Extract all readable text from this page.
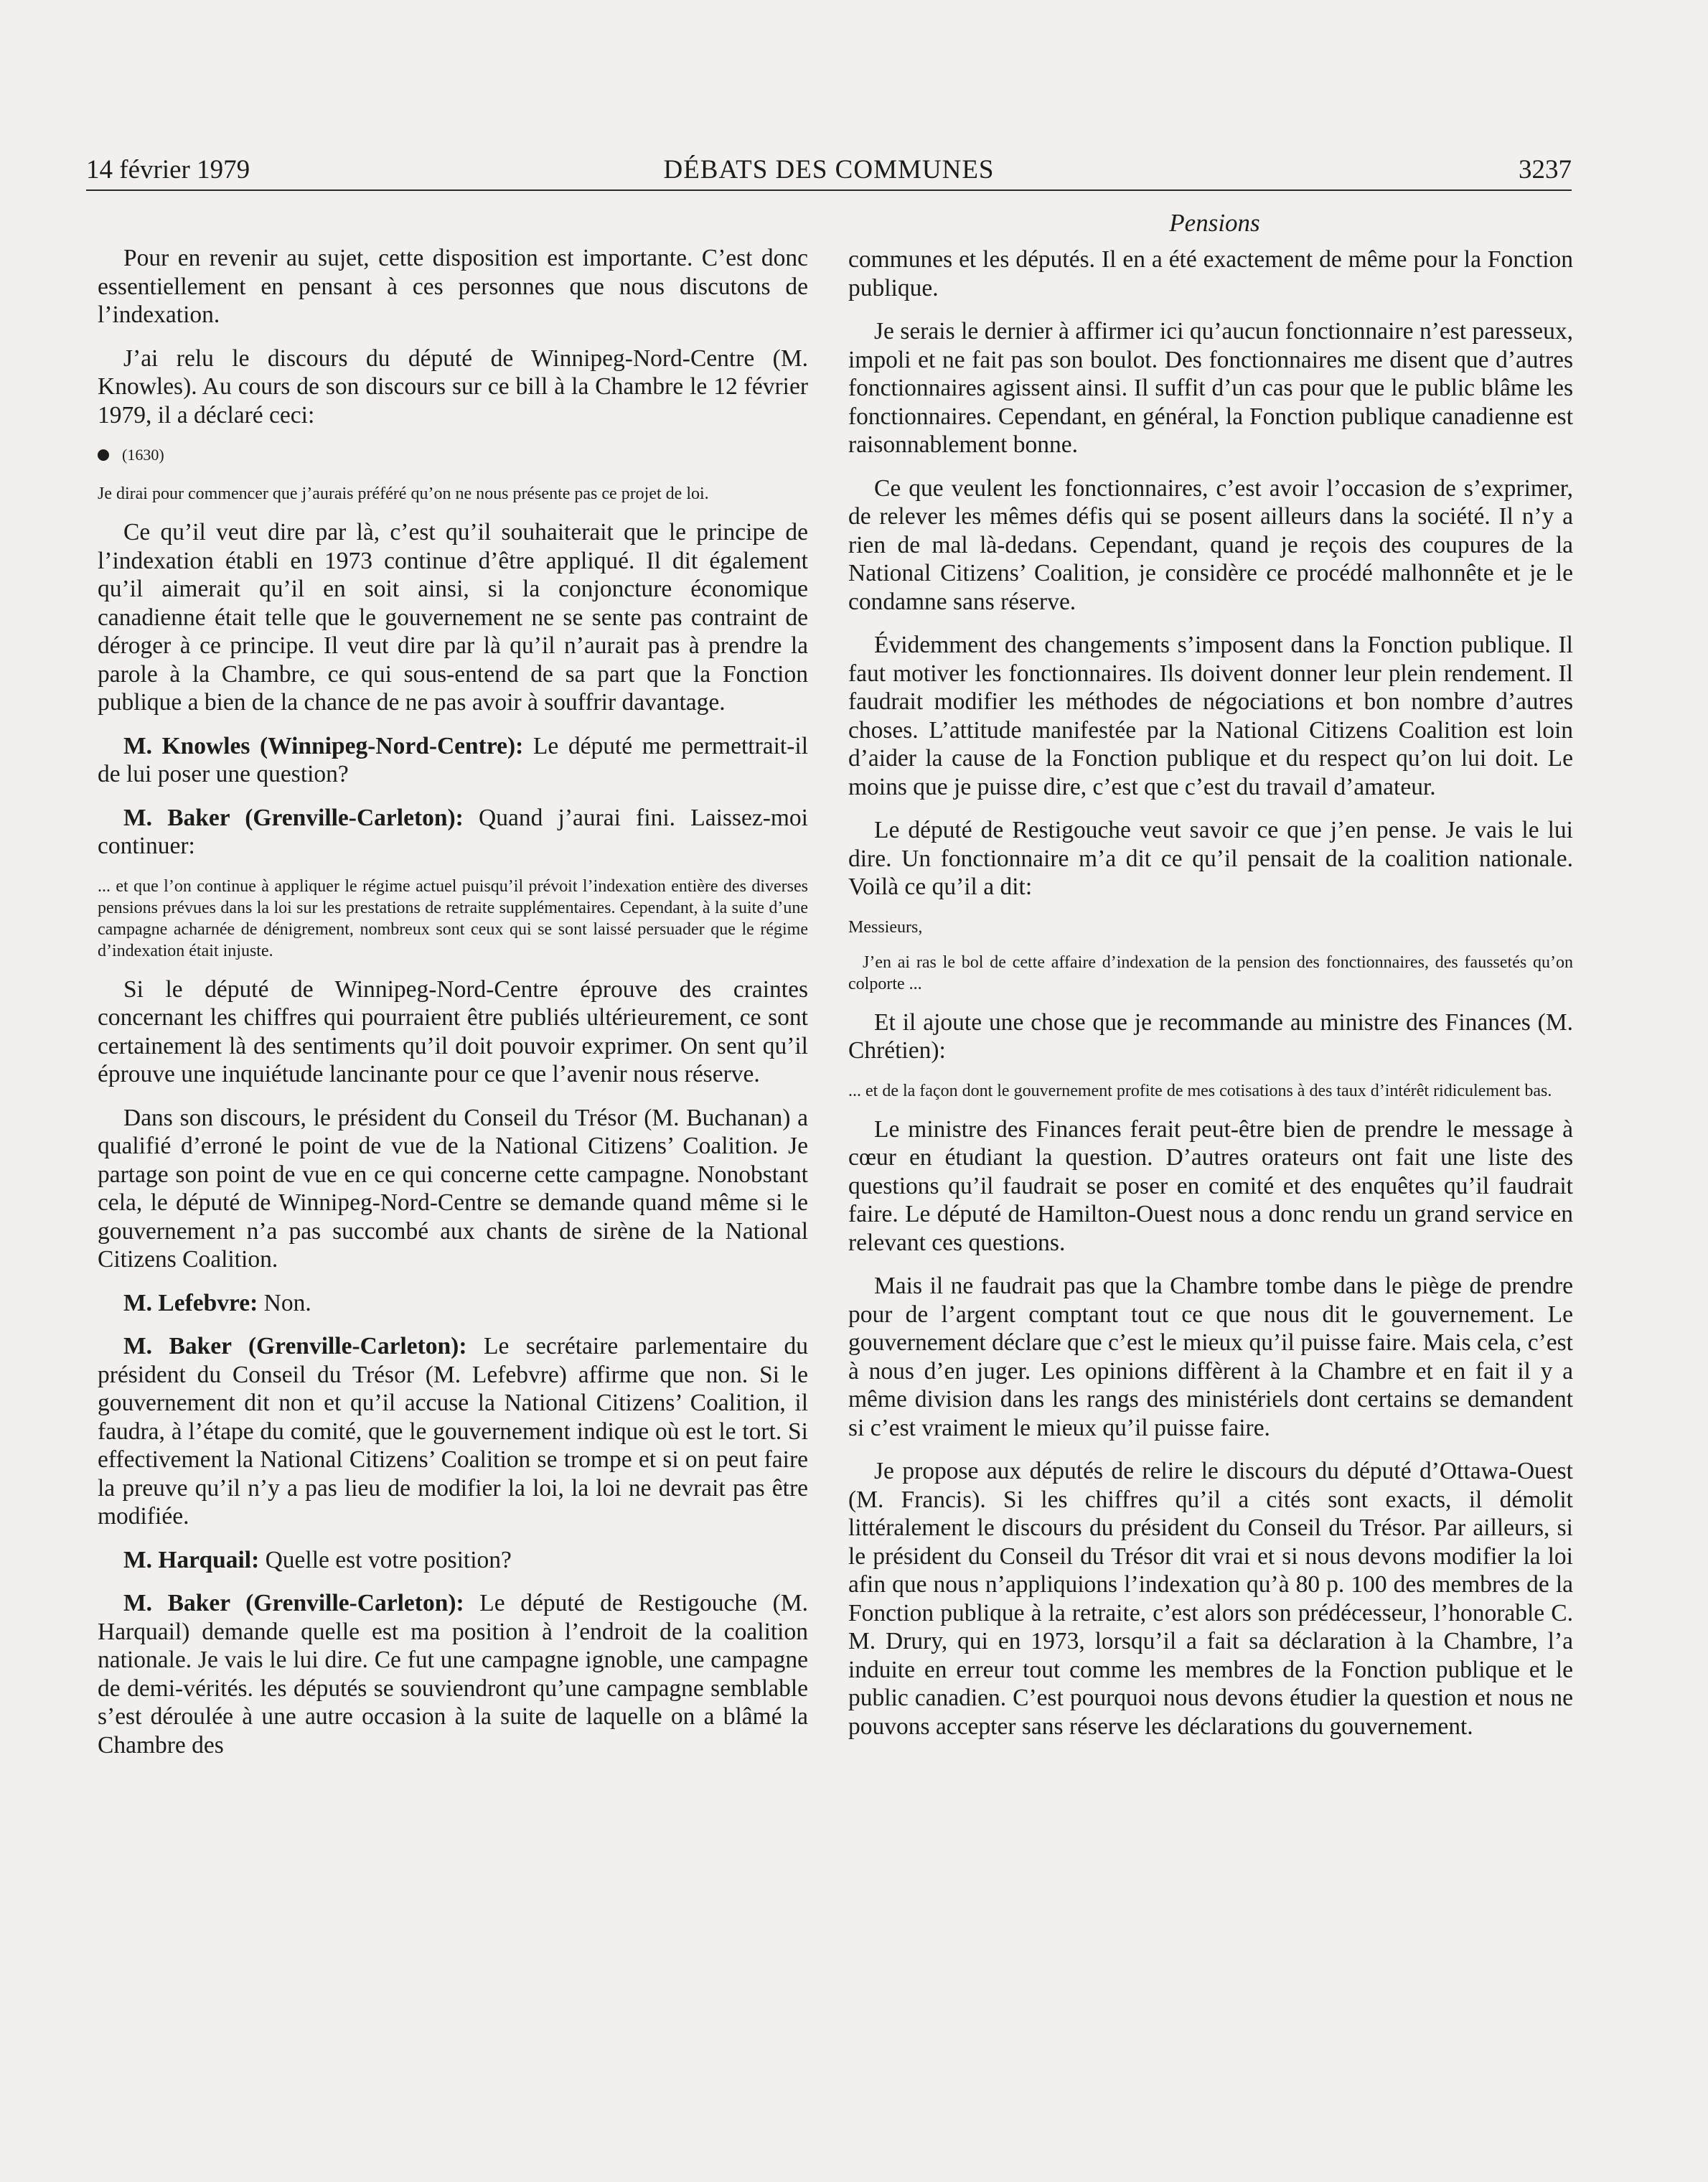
14 février 1979	DÉBATS DES COMMUNES	3237
Pensions

Pour en revenir au sujet, cette disposition est importante. C’est donc essentiellement en pensant à ces personnes que nous discutons de l’indexation.

J’ai relu le discours du député de Winnipeg-Nord-Centre (M. Knowles). Au cours de son discours sur ce bill à la Chambre le 12 février 1979, il a déclaré ceci:

(1630)

Je dirai pour commencer que j’aurais préféré qu’on ne nous présente pas ce projet de loi.

Ce qu’il veut dire par là, c’est qu’il souhaiterait que le principe de l’indexation établi en 1973 continue d’être appliqué. Il dit également qu’il aimerait qu’il en soit ainsi, si la conjoncture économique canadienne était telle que le gouvernement ne se sente pas contraint de déroger à ce principe. Il veut dire par là qu’il n’aurait pas à prendre la parole à la Chambre, ce qui sous-entend de sa part que la Fonction publique a bien de la chance de ne pas avoir à souffrir davantage.

M. Knowles (Winnipeg-Nord-Centre): Le député me permettrait-il de lui poser une question?

M. Baker (Grenville-Carleton): Quand j’aurai fini. Laissez-moi continuer:

... et que l’on continue à appliquer le régime actuel puisqu’il prévoit l’indexation entière des diverses pensions prévues dans la loi sur les prestations de retraite supplémentaires. Cependant, à la suite d’une campagne acharnée de dénigrement, nombreux sont ceux qui se sont laissé persuader que le régime d’indexation était injuste.

Si le député de Winnipeg-Nord-Centre éprouve des craintes concernant les chiffres qui pourraient être publiés ultérieurement, ce sont certainement là des sentiments qu’il doit pouvoir exprimer. On sent qu’il éprouve une inquiétude lancinante pour ce que l’avenir nous réserve.

Dans son discours, le président du Conseil du Trésor (M. Buchanan) a qualifié d’erroné le point de vue de la National Citizens’ Coalition. Je partage son point de vue en ce qui concerne cette campagne. Nonobstant cela, le député de Winnipeg-Nord-Centre se demande quand même si le gouvernement n’a pas succombé aux chants de sirène de la National Citizens Coalition.

M. Lefebvre: Non.

M. Baker (Grenville-Carleton): Le secrétaire parlementaire du président du Conseil du Trésor (M. Lefebvre) affirme que non. Si le gouvernement dit non et qu’il accuse la National Citizens’ Coalition, il faudra, à l’étape du comité, que le gouvernement indique où est le tort. Si effectivement la National Citizens’ Coalition se trompe et si on peut faire la preuve qu’il n’y a pas lieu de modifier la loi, la loi ne devrait pas être modifiée.

M. Harquail: Quelle est votre position?

M. Baker (Grenville-Carleton): Le député de Restigouche (M. Harquail) demande quelle est ma position à l’endroit de la coalition nationale. Je vais le lui dire. Ce fut une campagne ignoble, une campagne de demi-vérités. les députés se souviendront qu’une campagne semblable s’est déroulée à une autre occasion à la suite de laquelle on a blâmé la Chambre des

communes et les députés. Il en a été exactement de même pour la Fonction publique.

Je serais le dernier à affirmer ici qu’aucun fonctionnaire n’est paresseux, impoli et ne fait pas son boulot. Des fonctionnaires me disent que d’autres fonctionnaires agissent ainsi. Il suffit d’un cas pour que le public blâme les fonctionnaires. Cependant, en général, la Fonction publique canadienne est raisonnablement bonne.

Ce que veulent les fonctionnaires, c’est avoir l’occasion de s’exprimer, de relever les mêmes défis qui se posent ailleurs dans la société. Il n’y a rien de mal là-dedans. Cependant, quand je reçois des coupures de la National Citizens’ Coalition, je considère ce procédé malhonnête et je le condamne sans réserve.

Évidemment des changements s’imposent dans la Fonction publique. Il faut motiver les fonctionnaires. Ils doivent donner leur plein rendement. Il faudrait modifier les méthodes de négociations et bon nombre d’autres choses. L’attitude manifestée par la National Citizens Coalition est loin d’aider la cause de la Fonction publique et du respect qu’on lui doit. Le moins que je puisse dire, c’est que c’est du travail d’amateur.

Le député de Restigouche veut savoir ce que j’en pense. Je vais le lui dire. Un fonctionnaire m’a dit ce qu’il pensait de la coalition nationale. Voilà ce qu’il a dit:

Messieurs,

J’en ai ras le bol de cette affaire d’indexation de la pension des fonctionnaires, des faussetés qu’on colporte ...

Et il ajoute une chose que je recommande au ministre des Finances (M. Chrétien):

... et de la façon dont le gouvernement profite de mes cotisations à des taux d’intérêt ridiculement bas.

Le ministre des Finances ferait peut-être bien de prendre le message à cœur en étudiant la question. D’autres orateurs ont fait une liste des questions qu’il faudrait se poser en comité et des enquêtes qu’il faudrait faire. Le député de Hamilton-Ouest nous a donc rendu un grand service en relevant ces questions.

Mais il ne faudrait pas que la Chambre tombe dans le piège de prendre pour de l’argent comptant tout ce que nous dit le gouvernement. Le gouvernement déclare que c’est le mieux qu’il puisse faire. Mais cela, c’est à nous d’en juger. Les opinions diffèrent à la Chambre et en fait il y a même division dans les rangs des ministériels dont certains se demandent si c’est vraiment le mieux qu’il puisse faire.

Je propose aux députés de relire le discours du député d’Ottawa-Ouest (M. Francis). Si les chiffres qu’il a cités sont exacts, il démolit littéralement le discours du président du Conseil du Trésor. Par ailleurs, si le président du Conseil du Trésor dit vrai et si nous devons modifier la loi afin que nous n’appliquions l’indexation qu’à 80 p. 100 des membres de la Fonction publique à la retraite, c’est alors son prédécesseur, l’honorable C. M. Drury, qui en 1973, lorsqu’il a fait sa déclaration à la Chambre, l’a induite en erreur tout comme les membres de la Fonction publique et le public canadien. C’est pourquoi nous devons étudier la question et nous ne pouvons accepter sans réserve les déclarations du gouvernement.
